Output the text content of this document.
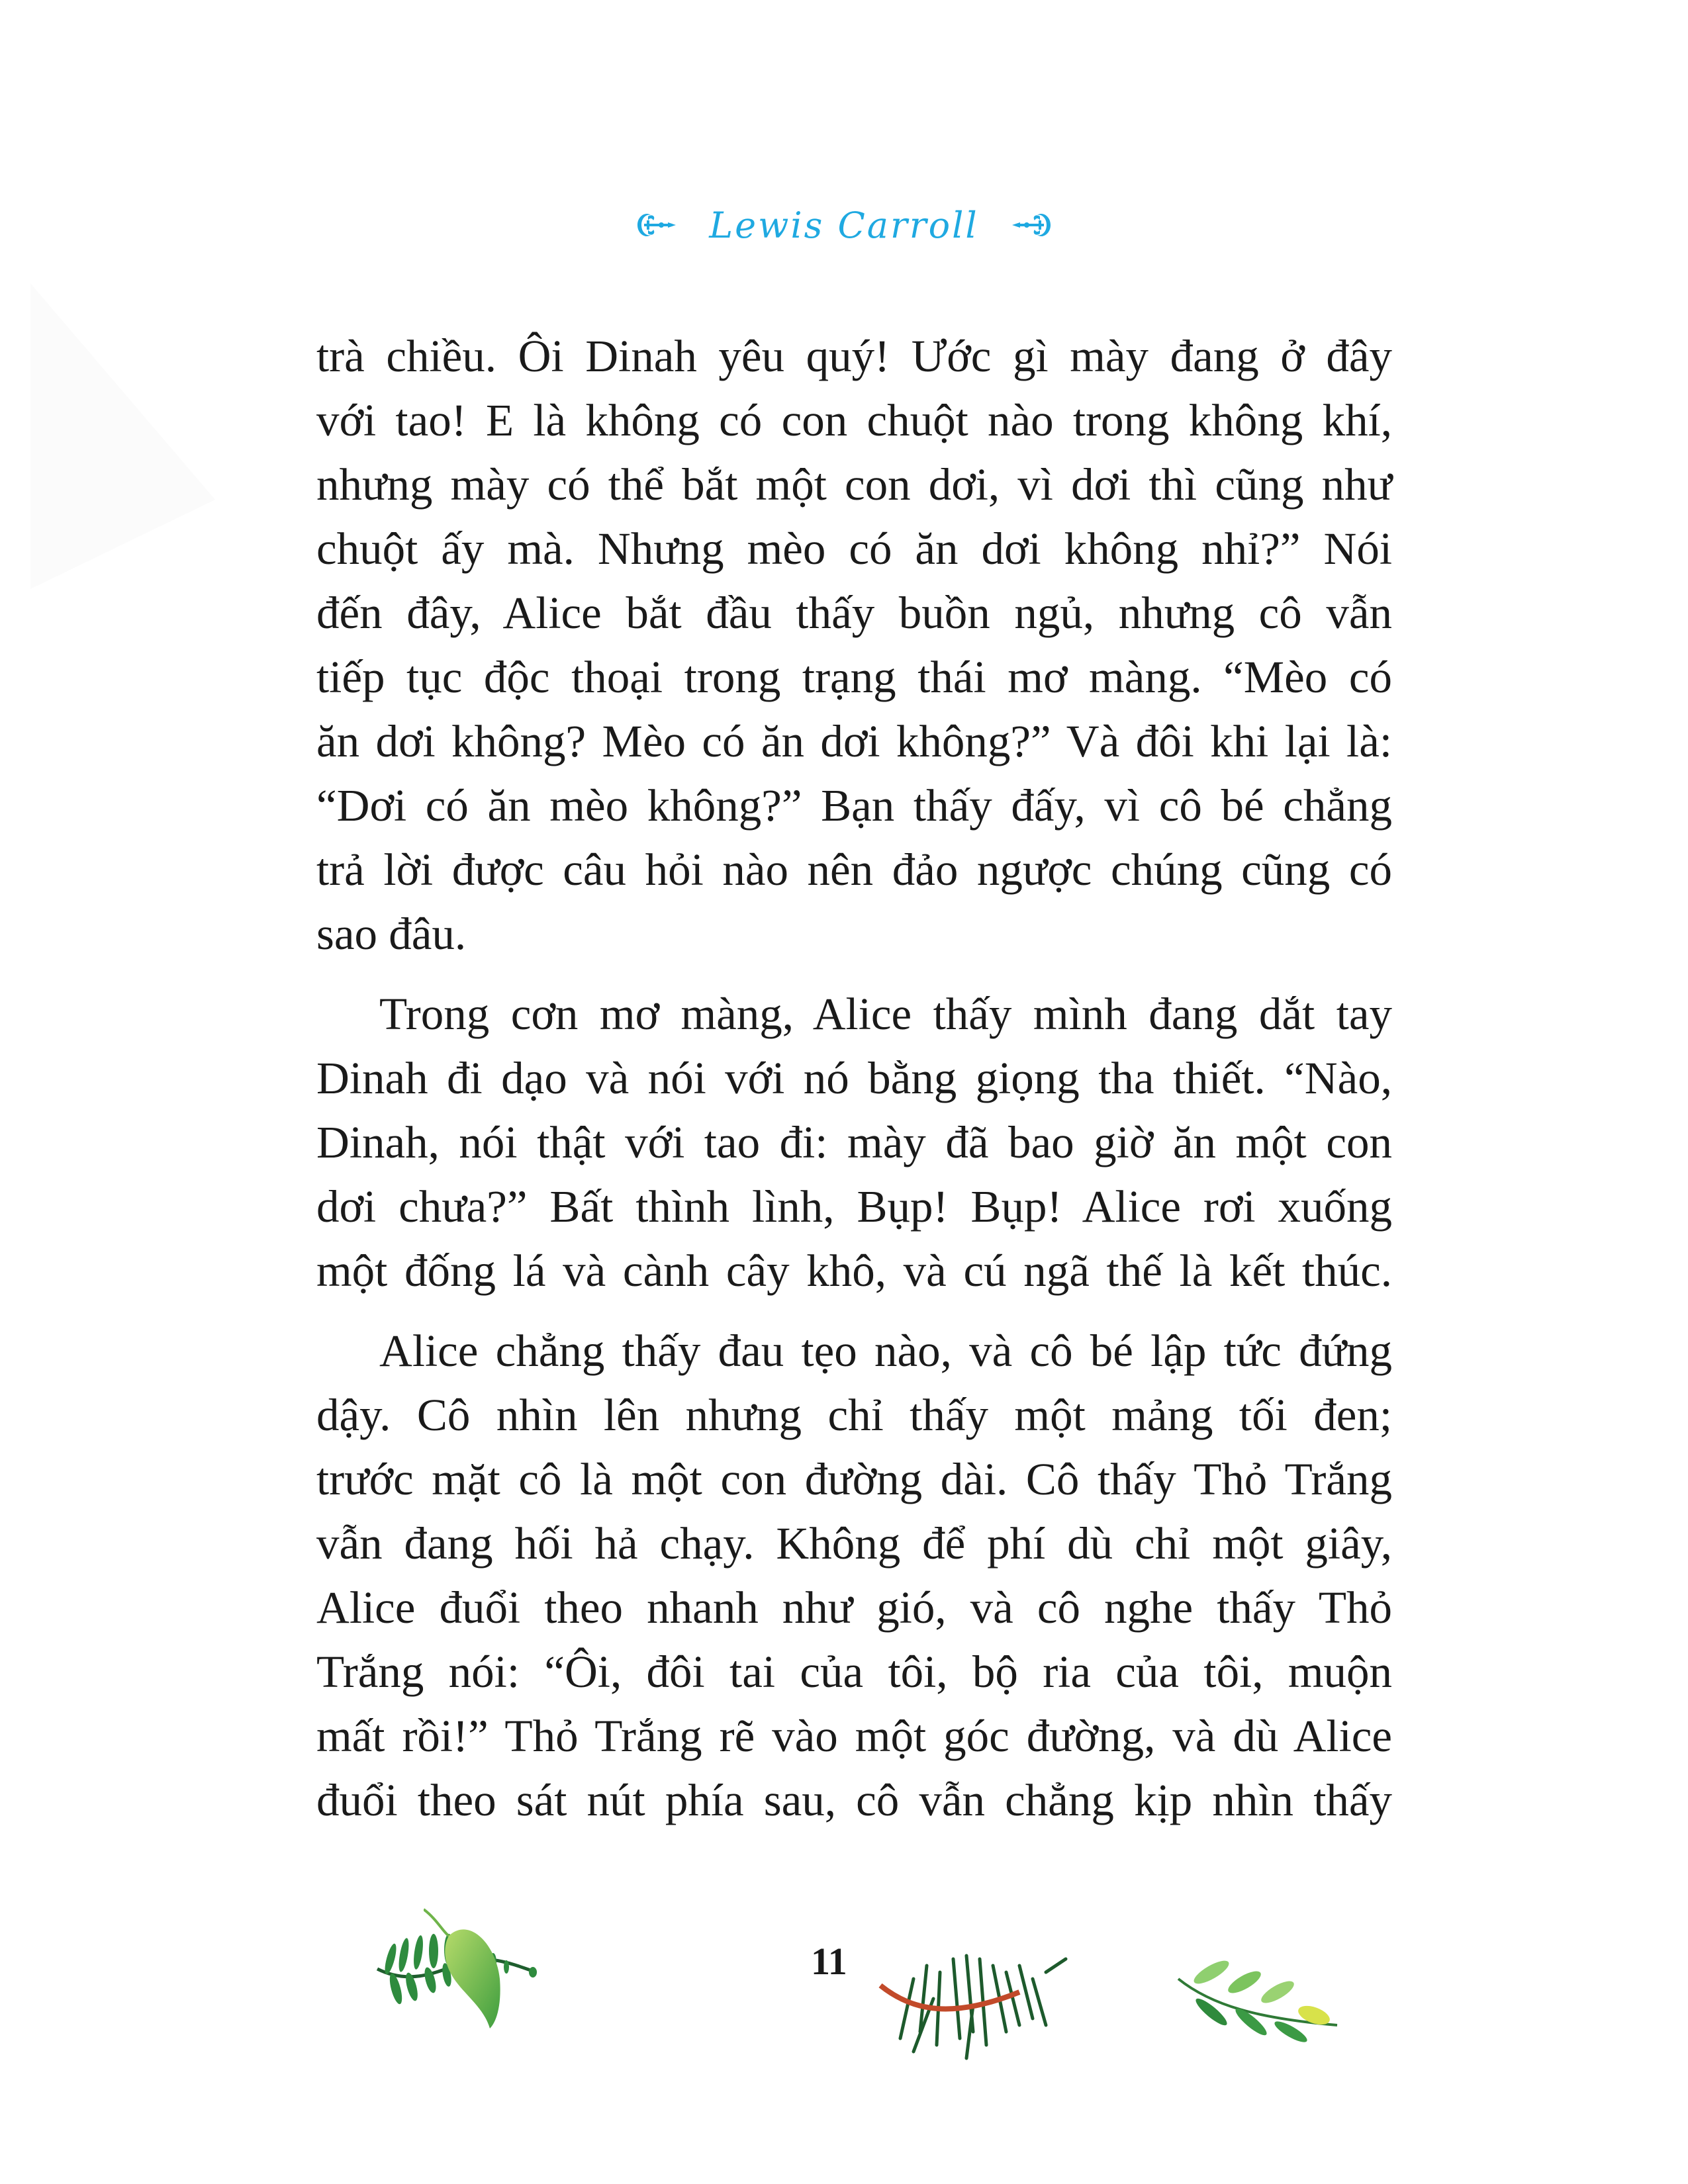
Lewis Carroll
trà chiều. Ôi Dinah yêu quý! Ước gì mày đang ở đây
với tao! E là không có con chuột nào trong không khí,
nhưng mày có thể bắt một con dơi, vì dơi thì cũng như
chuột ấy mà. Nhưng mèo có ăn dơi không nhỉ?” Nói
đến đây, Alice bắt đầu thấy buồn ngủ, nhưng cô vẫn
tiếp tục độc thoại trong trạng thái mơ màng. “Mèo có
ăn dơi không? Mèo có ăn dơi không?” Và đôi khi lại là:
“Dơi có ăn mèo không?” Bạn thấy đấy, vì cô bé chẳng
trả lời được câu hỏi nào nên đảo ngược chúng cũng có
sao đâu.
Trong cơn mơ màng, Alice thấy mình đang dắt tay
Dinah đi dạo và nói với nó bằng giọng tha thiết. “Nào,
Dinah, nói thật với tao đi: mày đã bao giờ ăn một con
dơi chưa?” Bất thình lình, Bụp! Bụp! Alice rơi xuống
một đống lá và cành cây khô, và cú ngã thế là kết thúc.
Alice chẳng thấy đau tẹo nào, và cô bé lập tức đứng
dậy. Cô nhìn lên nhưng chỉ thấy một mảng tối đen;
trước mặt cô là một con đường dài. Cô thấy Thỏ Trắng
vẫn đang hối hả chạy. Không để phí dù chỉ một giây,
Alice đuổi theo nhanh như gió, và cô nghe thấy Thỏ
Trắng nói: “Ôi, đôi tai của tôi, bộ ria của tôi, muộn
mất rồi!” Thỏ Trắng rẽ vào một góc đường, và dù Alice
đuổi theo sát nút phía sau, cô vẫn chẳng kịp nhìn thấy
11
